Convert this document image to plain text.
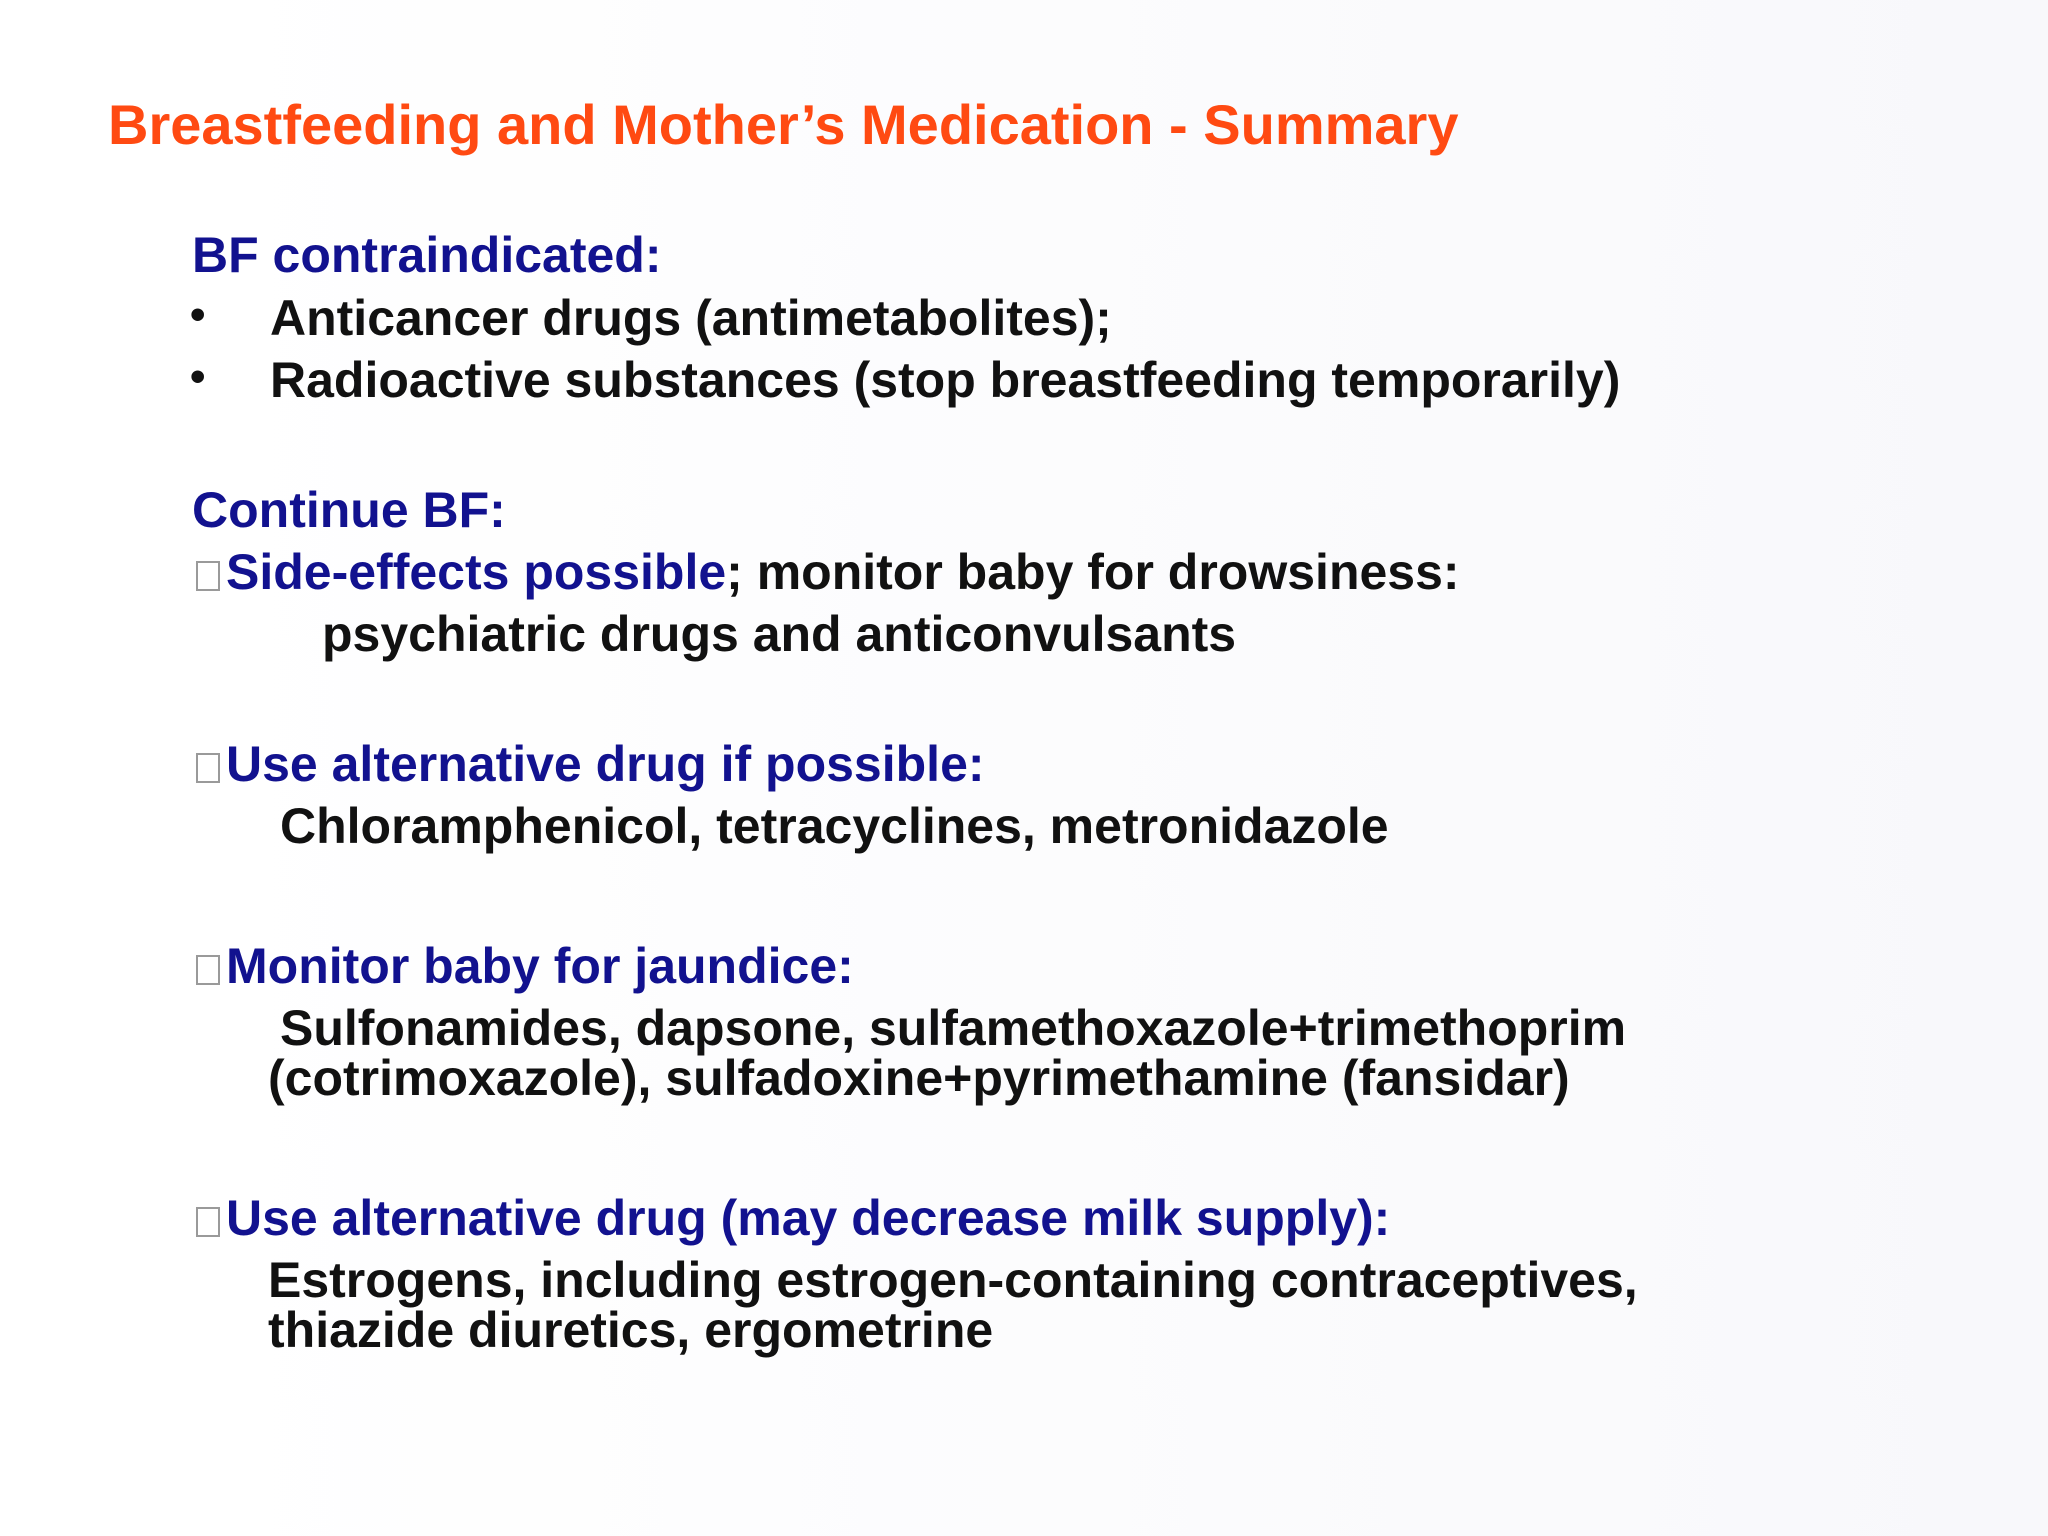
Breastfeeding and Mother’s Medication - Summary
BF contraindicated:
• Anticancer drugs (antimetabolites);
• Radioactive substances (stop breastfeeding temporarily)
Continue BF:
Side-effects possible; monitor baby for drowsiness:
psychiatric drugs and anticonvulsants
Use alternative drug if possible:
Chloramphenicol, tetracyclines, metronidazole
Monitor baby for jaundice:
Sulfonamides, dapsone, sulfamethoxazole+trimethoprim
(cotrimoxazole), sulfadoxine+pyrimethamine (fansidar)
Use alternative drug (may decrease milk supply):
Estrogens, including estrogen-containing contraceptives,
thiazide diuretics, ergometrine
